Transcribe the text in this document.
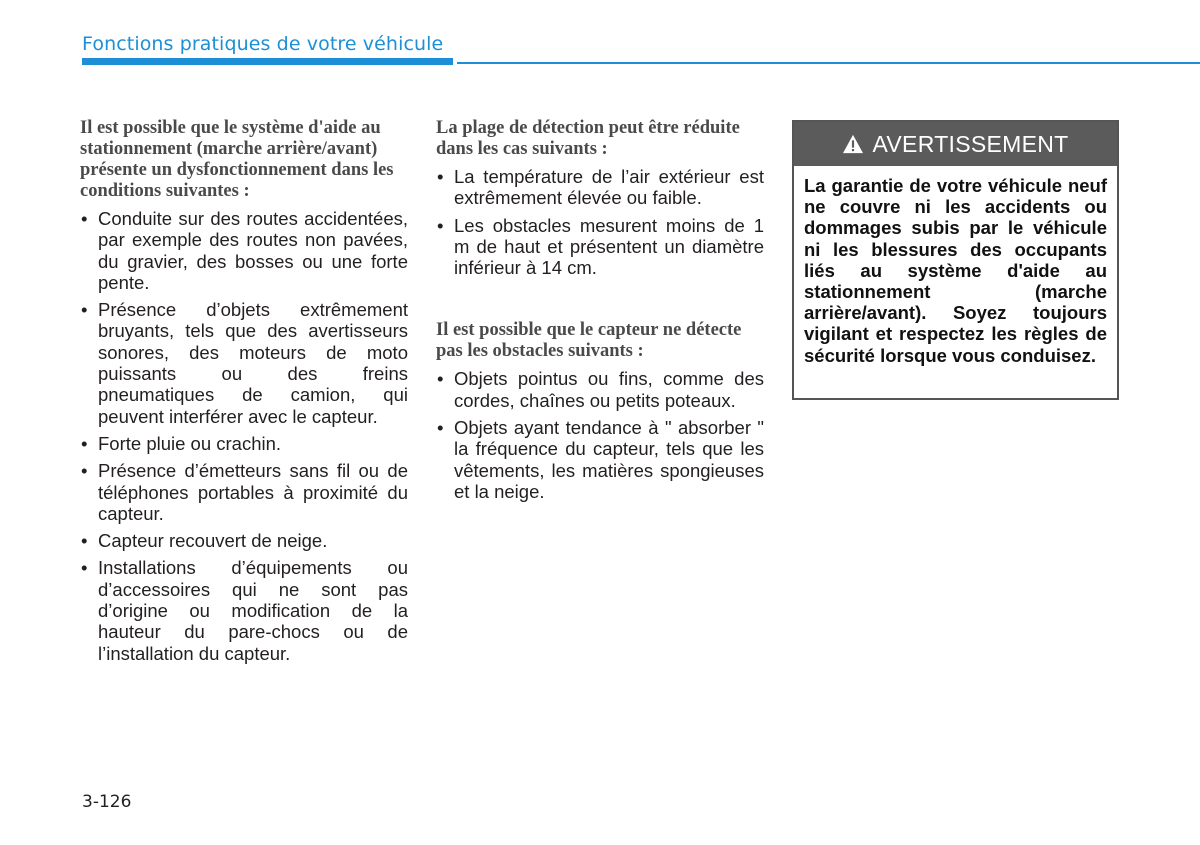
Fonctions pratiques de votre véhicule

Il est possible que le système d'aide au stationnement (marche arrière/avant) présente un dysfonctionnement dans les conditions suivantes :

• Conduite sur des routes accidentées, par exemple des routes non pavées, du gravier, des bosses ou une forte pente.
• Présence d’objets extrêmement bruyants, tels que des avertisseurs sonores, des moteurs de moto puissants ou des freins pneumatiques de camion, qui peuvent interférer avec le capteur.
• Forte pluie ou crachin.
• Présence d’émetteurs sans fil ou de téléphones portables à proximité du capteur.
• Capteur recouvert de neige.
• Installations d’équipements ou d’accessoires qui ne sont pas d’origine ou modification de la hauteur du pare-chocs ou de l’installation du capteur.

La plage de détection peut être réduite dans les cas suivants :

• La température de l’air extérieur est extrêmement élevée ou faible.
• Les obstacles mesurent moins de 1 m de haut et présentent un diamètre inférieur à 14 cm.

Il est possible que le capteur ne détecte pas les obstacles suivants :

• Objets pointus ou fins, comme des cordes, chaînes ou petits poteaux.
• Objets ayant tendance à " absorber " la fréquence du capteur, tels que les vêtements, les matières spongieuses et la neige.
AVERTISSEMENT
La garantie de votre véhicule neuf ne couvre ni les accidents ou dommages subis par le véhicule ni les blessures des occupants liés au système d'aide au stationnement (marche arrière/avant). Soyez toujours vigilant et respectez les règles de sécurité lorsque vous conduisez.
3-126
